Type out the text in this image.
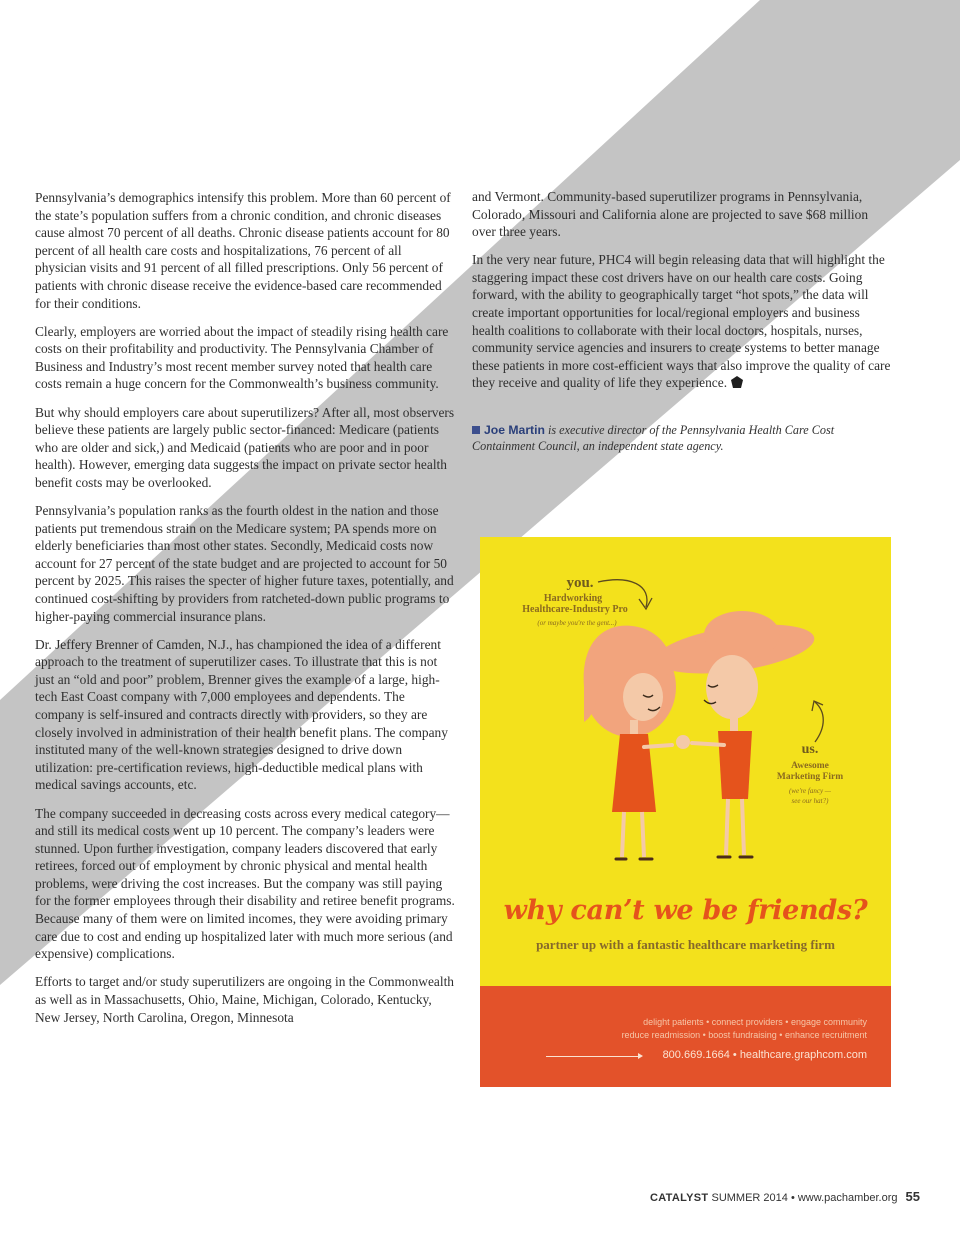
Pennsylvania’s demographics intensify this problem. More than 60 percent of the state’s population suffers from a chronic condition, and chronic diseases cause almost 70 percent of all deaths. Chronic disease patients account for 80 percent of all health care costs and hospitalizations, 76 percent of all physician visits and 91 percent of all filled prescriptions. Only 56 percent of patients with chronic disease receive the evidence-based care recommended for their conditions.

Clearly, employers are worried about the impact of steadily rising health care costs on their profitability and productivity. The Pennsylvania Chamber of Business and Industry’s most recent member survey noted that health care costs remain a huge concern for the Commonwealth’s business community.

But why should employers care about superutilizers? After all, most observers believe these patients are largely public sector-financed: Medicare (patients who are older and sick,) and Medicaid (patients who are poor and in poor health). However, emerging data suggests the impact on private sector health benefit costs may be overlooked.

Pennsylvania’s population ranks as the fourth oldest in the nation and those patients put tremendous strain on the Medicare system; PA spends more on elderly beneficiaries than most other states. Secondly, Medicaid costs now account for 27 percent of the state budget and are projected to account for 50 percent by 2025. This raises the specter of higher future taxes, potentially, and continued cost-shifting by providers from ratcheted-down public programs to higher-paying commercial insurance plans.

Dr. Jeffery Brenner of Camden, N.J., has championed the idea of a different approach to the treatment of superutilizer cases. To illustrate that this is not just an “old and poor” problem, Brenner gives the example of a large, high-tech East Coast company with 7,000 employees and dependents. The company is self-insured and contracts directly with providers, so they are closely involved in administration of their health benefit plans. The company instituted many of the well-known strategies designed to drive down utilization: pre-certification reviews, high-deductible medical plans with medical savings accounts, etc.

The company succeeded in decreasing costs across every medical category—and still its medical costs went up 10 percent. The company’s leaders were stunned. Upon further investigation, company leaders discovered that early retirees, forced out of employment by chronic physical and mental health problems, were driving the cost increases. But the company was still paying for the former employees through their disability and retiree benefit programs. Because many of them were on limited incomes, they were avoiding primary care due to cost and ending up hospitalized later with much more serious (and expensive) complications.

Efforts to target and/or study superutilizers are ongoing in the Commonwealth as well as in Massachusetts, Ohio, Maine, Michigan, Colorado, Kentucky, New Jersey, North Carolina, Oregon, Minnesota

and Vermont. Community-based superutilizer programs in Pennsylvania, Colorado, Missouri and California alone are projected to save $68 million over three years.

In the very near future, PHC4 will begin releasing data that will highlight the staggering impact these cost drivers have on our health care costs. Going forward, with the ability to geographically target “hot spots,” the data will create important opportunities for local/regional employers and business health coalitions to collaborate with their local doctors, hospitals, nurses, community service agencies and insurers to create systems to better manage these patients in more cost-efficient ways that also improve the quality of care they receive and quality of life they experience.

Joe Martin is executive director of the Pennsylvania Health Care Cost Containment Council, an independent state agency.
you.
Hardworking
Healthcare-Industry Pro
(or maybe you're the gent...)
us.
Awesome
Marketing Firm
(we're fancy —
see our hat?)
why can’t we be friends?
partner up with a fantastic healthcare marketing firm
delight patients • connect providers • engage community
reduce readmission • boost fundraising • enhance recruitment
800.669.1664 • healthcare.graphcom.com
CATALYST SUMMER 2014 • www.pachamber.org 55
